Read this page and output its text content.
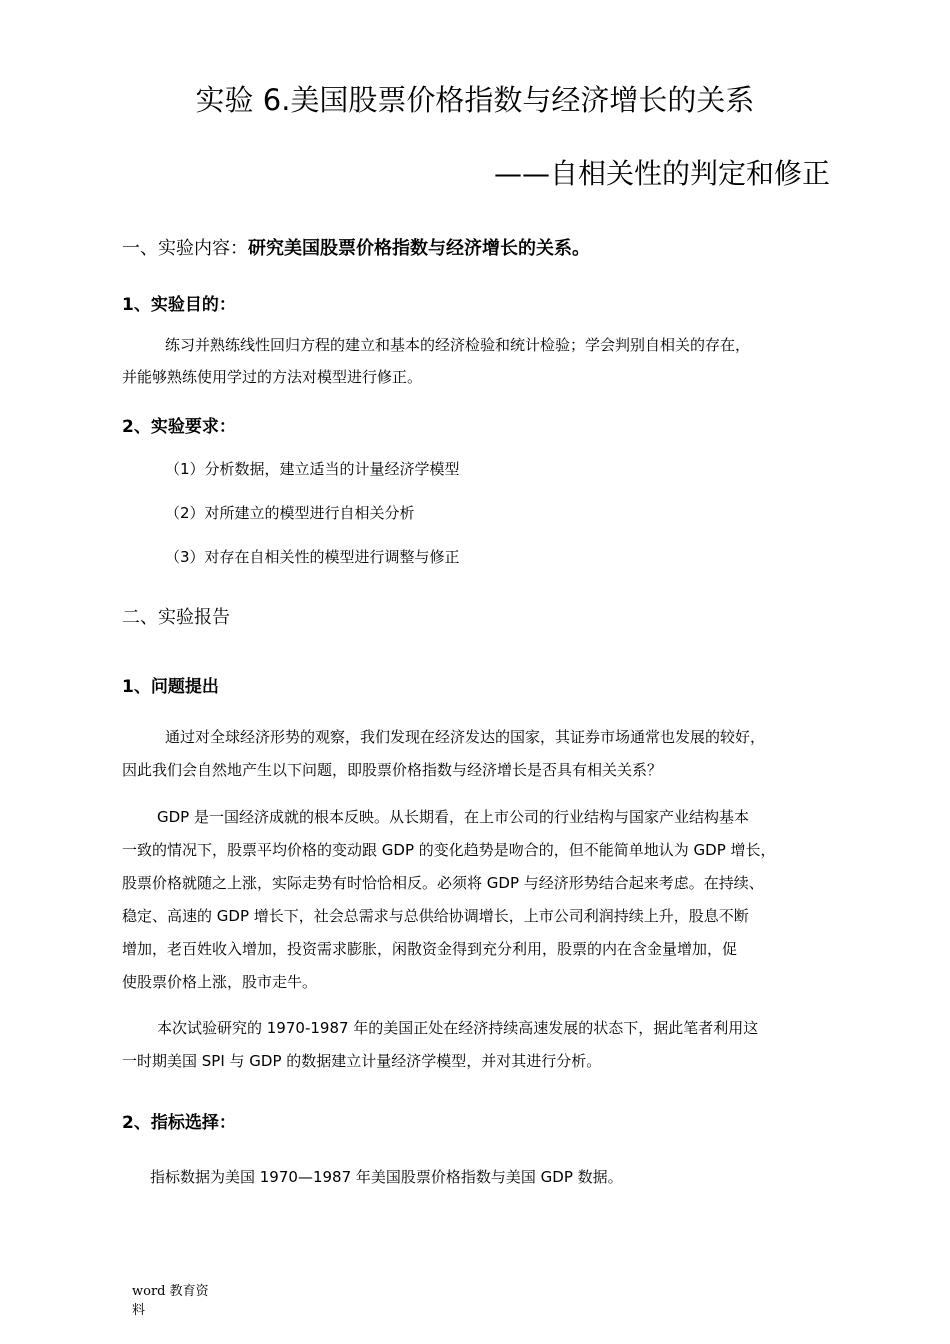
实验 6.美国股票价格指数与经济增长的关系
——自相关性的判定和修正
一、实验内容：研究美国股票价格指数与经济增长的关系。
1、实验目的：
练习并熟练线性回归方程的建立和基本的经济检验和统计检验；学会判别自相关的存在，
并能够熟练使用学过的方法对模型进行修正。
2、实验要求：
（1）分析数据，建立适当的计量经济学模型
（2）对所建立的模型进行自相关分析
（3）对存在自相关性的模型进行调整与修正
二、实验报告
1、问题提出
通过对全球经济形势的观察，我们发现在经济发达的国家，其证券市场通常也发展的较好，
因此我们会自然地产生以下问题，即股票价格指数与经济增长是否具有相关关系？
GDP 是一国经济成就的根本反映。从长期看，在上市公司的行业结构与国家产业结构基本
一致的情况下，股票平均价格的变动跟 GDP 的变化趋势是吻合的，但不能简单地认为 GDP 增长，
股票价格就随之上涨，实际走势有时恰恰相反。必须将 GDP 与经济形势结合起来考虑。在持续、
稳定、高速的 GDP 增长下，社会总需求与总供给协调增长，上市公司利润持续上升，股息不断
增加，老百姓收入增加，投资需求膨胀，闲散资金得到充分利用，股票的内在含金量增加，促
使股票价格上涨，股市走牛。
本次试验研究的 1970-1987 年的美国正处在经济持续高速发展的状态下，据此笔者利用这
一时期美国 SPI 与 GDP 的数据建立计量经济学模型，并对其进行分析。
2、指标选择：
指标数据为美国 1970—1987 年美国股票价格指数与美国 GDP 数据。
word 教育资
料
